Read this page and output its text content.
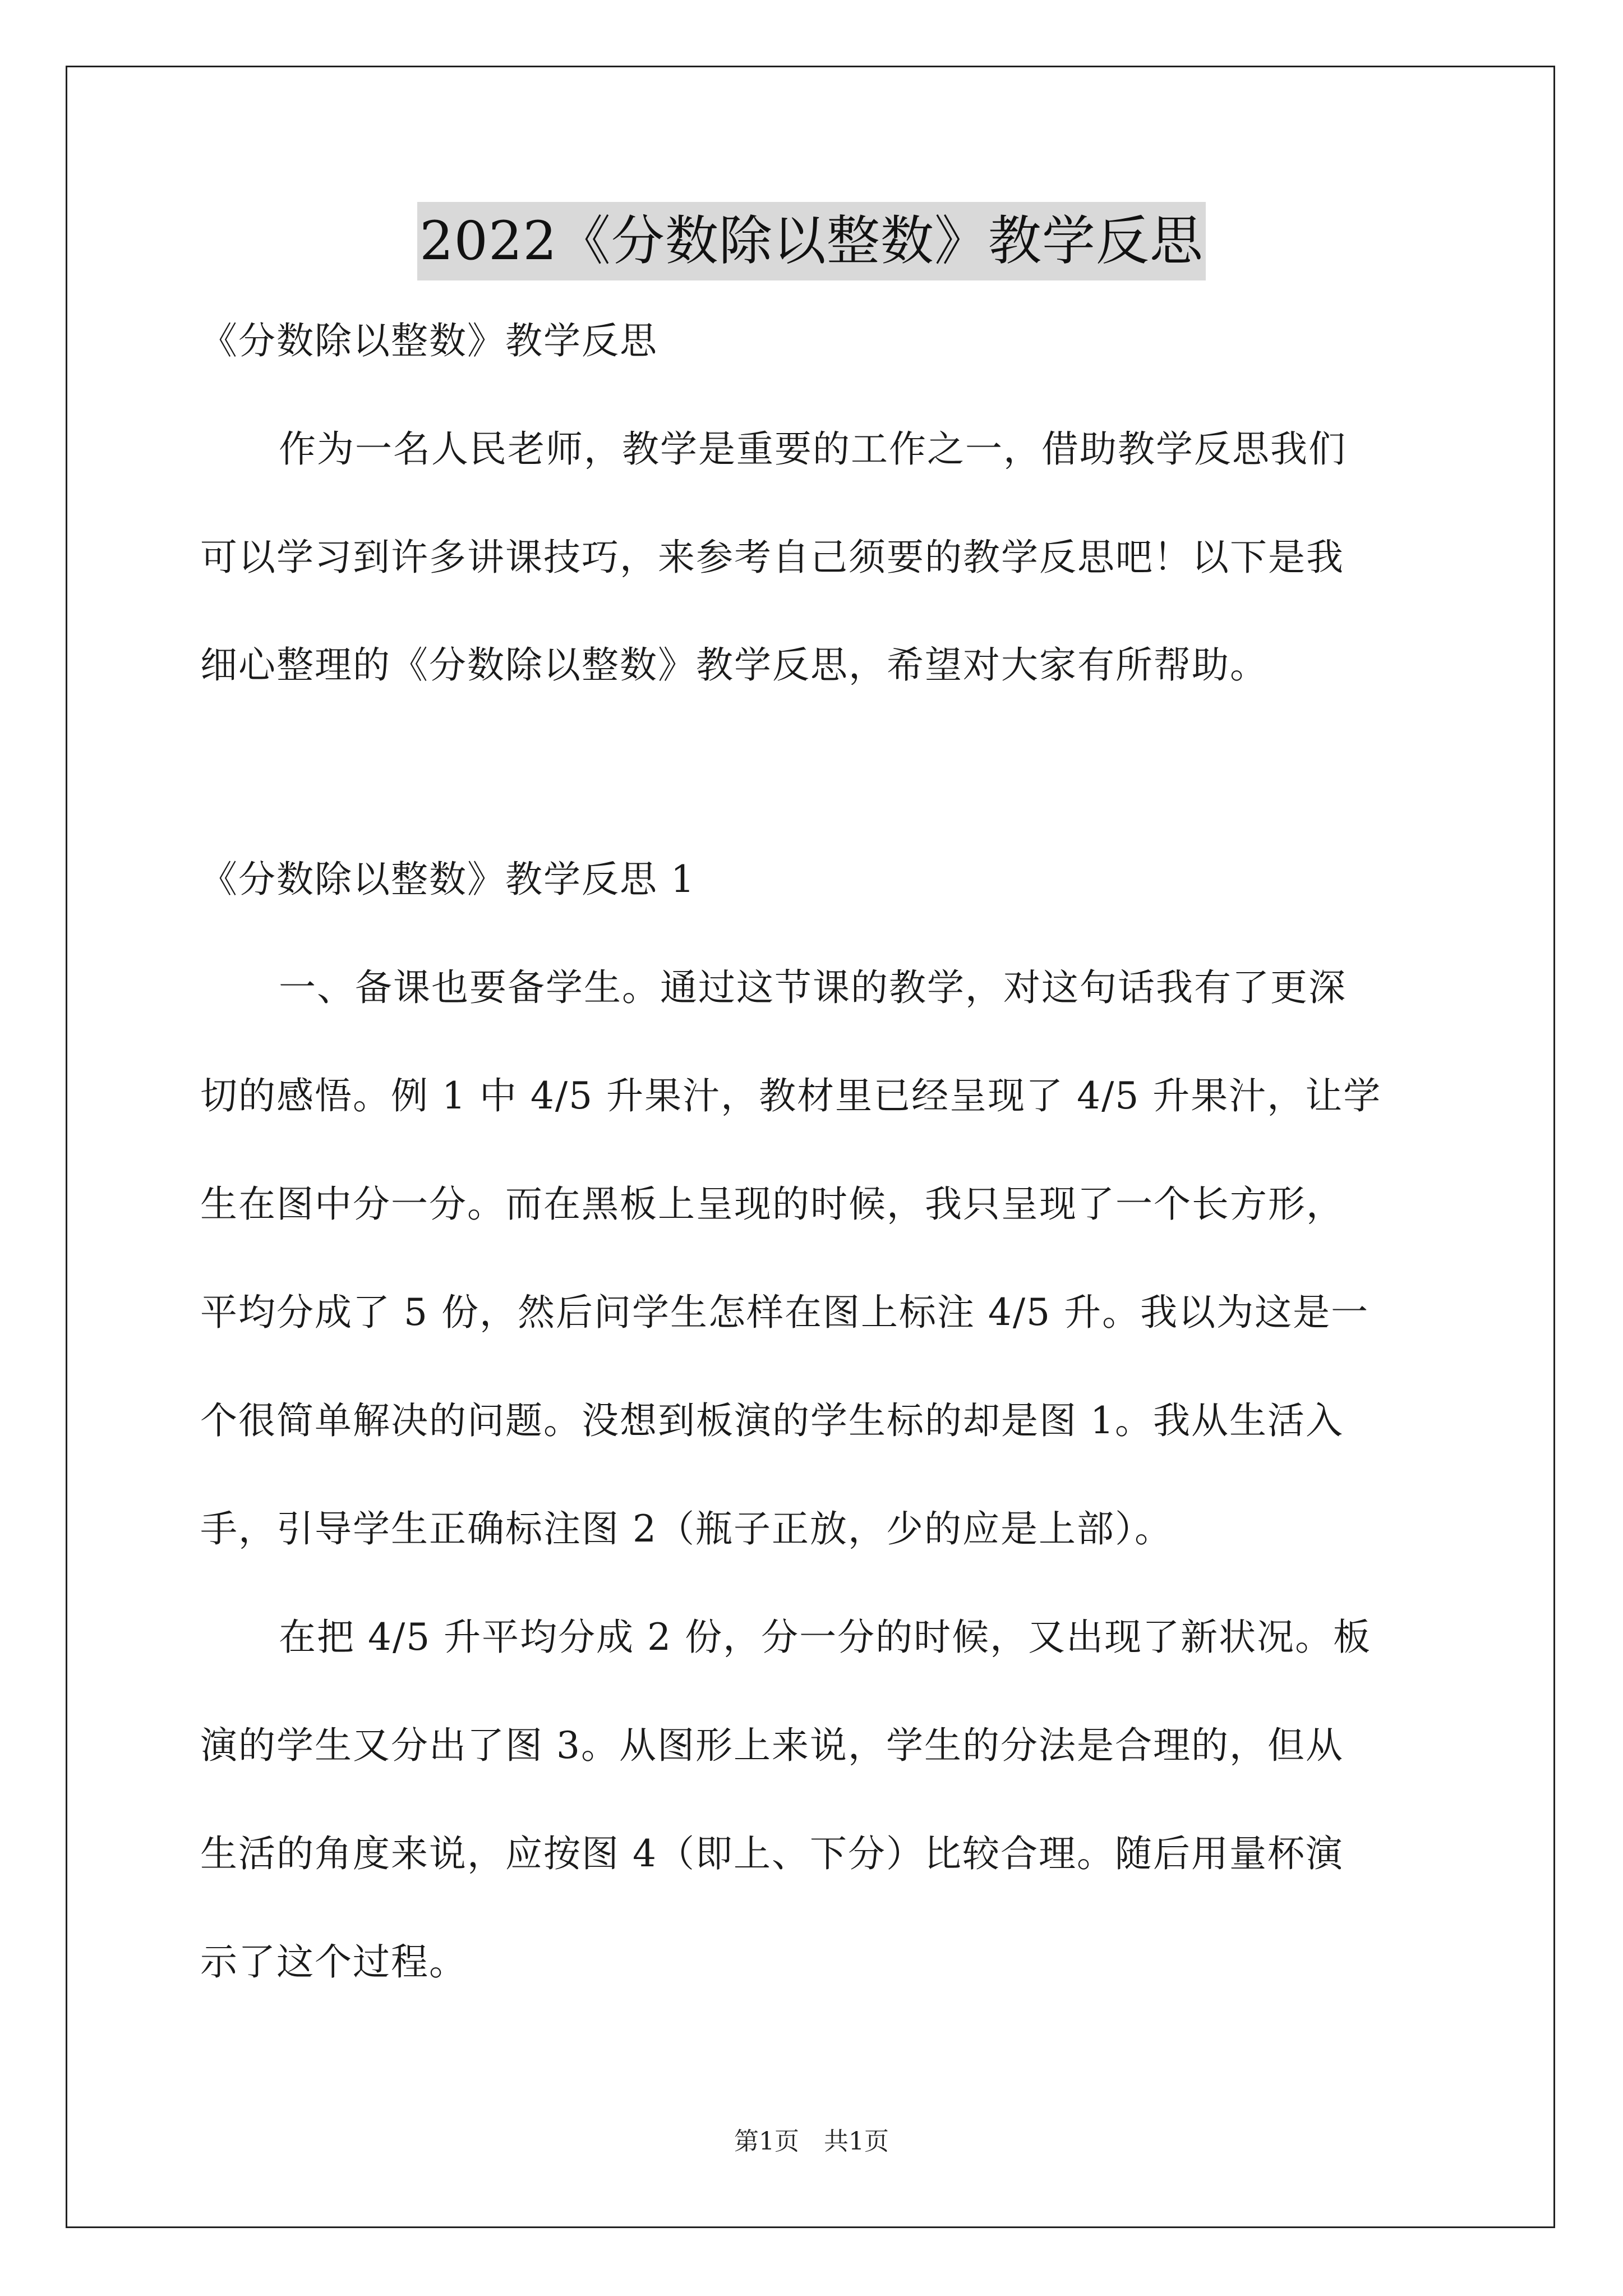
2022《分数除以整数》教学反思
《分数除以整数》教学反思
作为一名人民老师，教学是重要的工作之一，借助教学反思我们
可以学习到许多讲课技巧，来参考自己须要的教学反思吧！以下是我
细心整理的《分数除以整数》教学反思，希望对大家有所帮助。
《分数除以整数》教学反思 1
一、备课也要备学生。通过这节课的教学，对这句话我有了更深
切的感悟。例 1 中 4/5 升果汁，教材里已经呈现了 4/5 升果汁，让学
生在图中分一分。而在黑板上呈现的时候，我只呈现了一个长方形，
平均分成了 5 份，然后问学生怎样在图上标注 4/5 升。我以为这是一
个很简单解决的问题。没想到板演的学生标的却是图 1。我从生活入
手，引导学生正确标注图 2（瓶子正放，少的应是上部）。
在把 4/5 升平均分成 2 份，分一分的时候，又出现了新状况。板
演的学生又分出了图 3。从图形上来说，学生的分法是合理的，但从
生活的角度来说，应按图 4（即上、下分）比较合理。随后用量杯演
示了这个过程。
第1页　共1页
